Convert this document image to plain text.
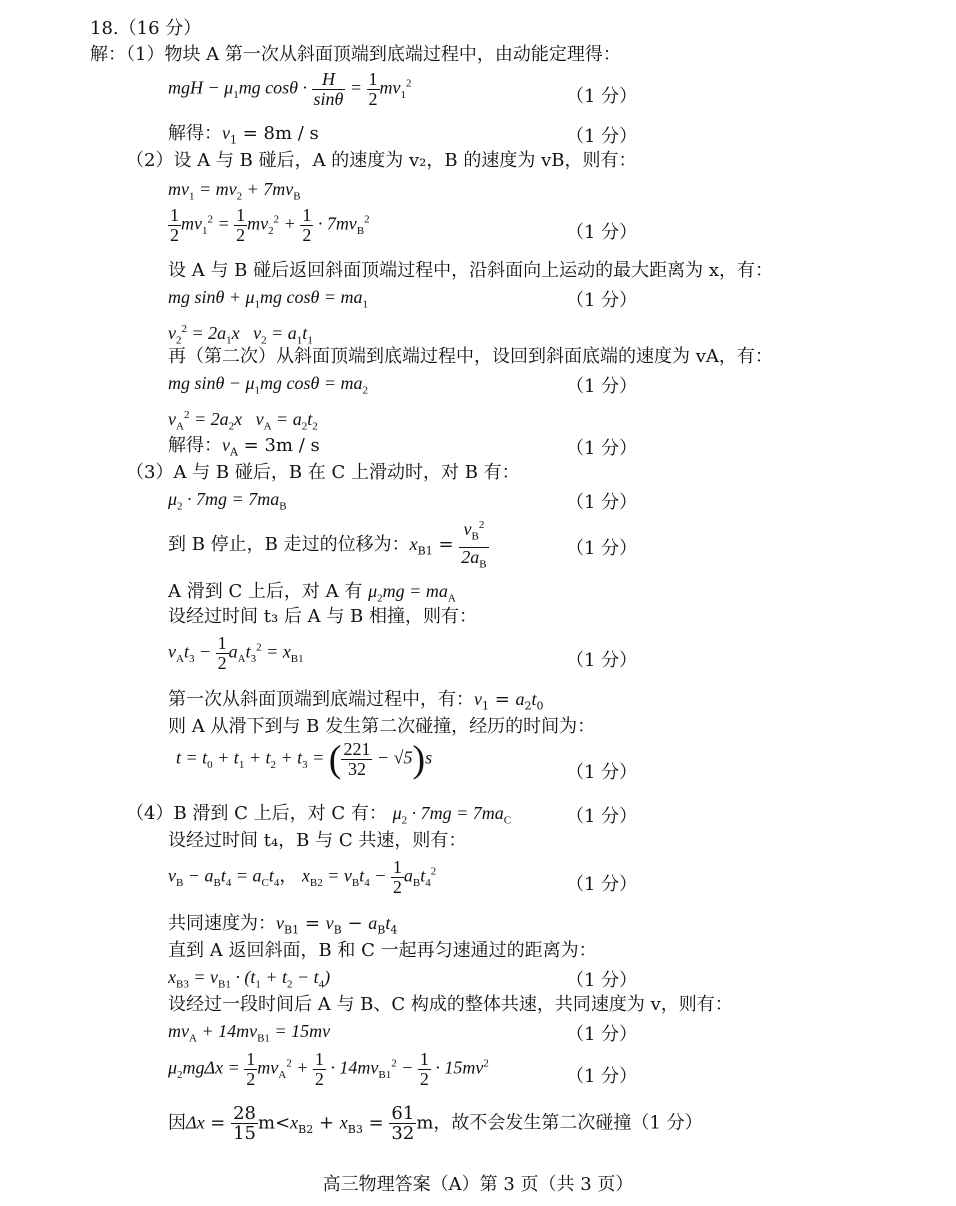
18.（16 分）
解：（1）物块 A 第一次从斜面顶端到底端过程中，由动能定理得：
mgH − $\mu_1mg$ $\cos\theta \cdot \frac{H}{\sin\theta} = \frac{1}{2} mv_1^2$
（1 分）
解得：$v_1 = 8m / s$	（1 分）
（2）设 A 与 B 碰后，A 的速度为 v₂，B 的速度为 vB，则有：
$mv_1 = mv_2 + 7mv_B$
$\frac{1}{2} mv_1^2 = \frac{1}{2} mv_2^2 + \frac{1}{2} \cdot 7mv_B^2$
（1 分）
设 A 与 B 碰后返回斜面顶端过程中，沿斜面向上运动的最大距离为 x，有：
mg $\sin\theta + \mu_1mg$ $\cos\theta = ma_1$	（1 分）
$v_2^2 = 2a_1x$   $v_2 = a_1t_1$
再（第二次）从斜面顶端到底端过程中，设回到斜面底端的速度为 vA，有：
mg $\sin\theta - \mu_1mg$ $\cos\theta = ma_2$	（1 分）
$v_A^2 = 2a_2x$   $v_A = a_2t_2$
解得：$v_A = 3m / s$	（1 分）
（3）A 与 B 碰后，B 在 C 上滑动时，对 B 有：
$\mu_2 \cdot 7mg = 7ma_B$	（1 分）
到 B 停止，B 走过的位移为：$x_{B1} = \frac{v_B^2}{2a_B}$	（1 分）
A 滑到 C 上后，对 A 有 $\mu_2mg = ma_A$
设经过时间 t₃ 后 A 与 B 相撞，则有：
$v_At_3 - \frac{1}{2} a_At_3^2 = x_{B1}$	（1 分）
第一次从斜面顶端到底端过程中，有：$v_1 = a_2t_0$
则 A 从滑下到与 B 发生第二次碰撞，经历的时间为：
$t = t_0 + t_1 + t_2 + t_3$ = ( $\frac{221}{32} - √5)s$
（1 分）
（4）B 滑到 C 上后，对 C 有： $\mu_2 \cdot 7mg = 7ma_C$	（1 分）
设经过时间 t₄，B 与 C 共速，则有：
$v_B - a_Bt_4 = a_Ct_4$， $x_{B2} = v_Bt_4 - \frac{1}{2} a_Bt_4^2$
（1 分）
共同速度为：$v_{B1} = v_B - a_Bt_4$
直到 A 返回斜面，B 和 C 一起再匀速通过的距离为：
$x_{B3} = v_{B1} \cdot (t_1 + t_2 - t_4)$	（1 分）
设经过一段时间后 A 与 B、C 构成的整体共速，共同速度为 v，则有：
$mv_A + 14mv_{B1} = 15mv$	（1 分）
$\mu_2mg\Delta x = \frac{1}{2} mv_A^2 + \frac{1}{2} \cdot 14mv_{B1}^2 - \frac{1}{2} \cdot 15mv^2$
（1 分）
因$\Delta x = \frac{28}{15} m<x_{B2} + x_{B3} = \frac{61}{32}$ m，故不会发生第二次碰撞（1 分）
高三物理答案（A）第 3 页（共 3 页）
